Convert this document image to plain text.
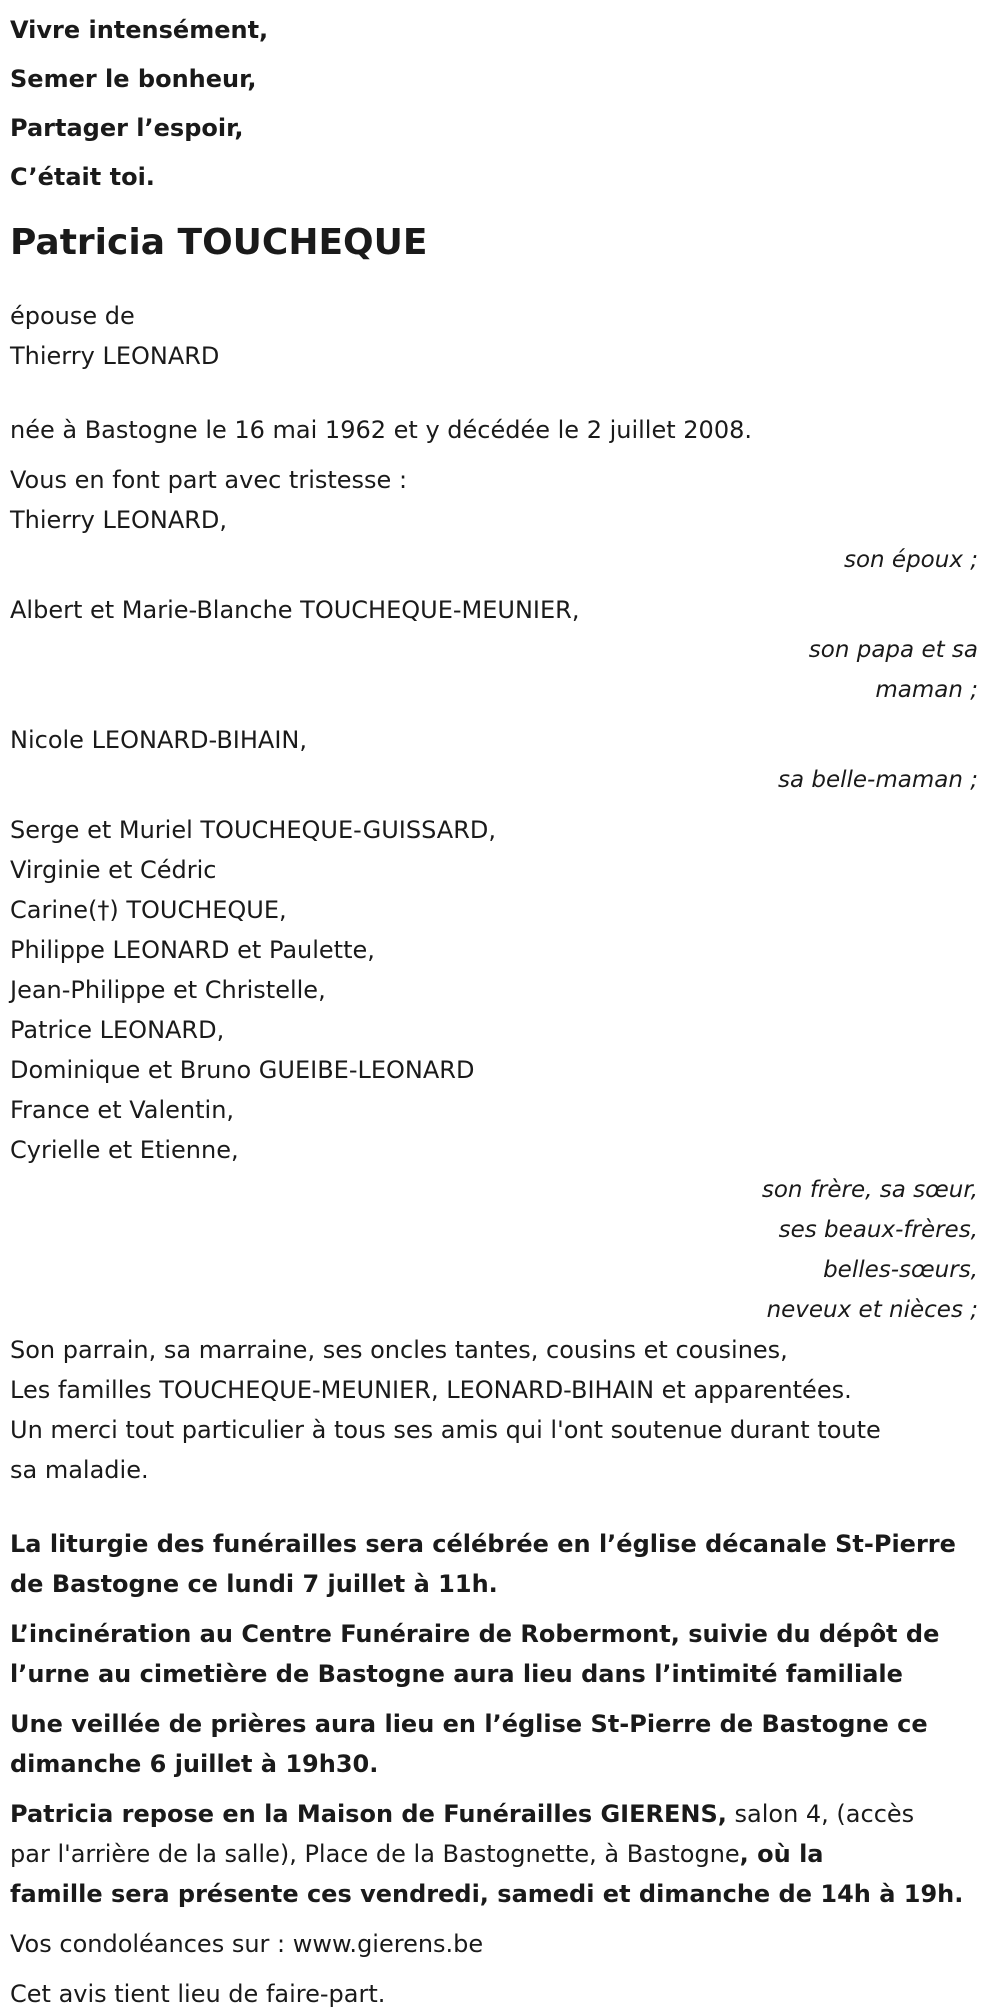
Vivre intensément,
Semer le bonheur,
Partager l’espoir,
C’était toi.
Patricia TOUCHEQUE
épouse de
Thierry LEONARD
née à Bastogne le 16 mai 1962 et y décédée le 2 juillet 2008.
Vous en font part avec tristesse :
Thierry LEONARD,
son époux ;
Albert et Marie-Blanche TOUCHEQUE-MEUNIER,
son papa et sa
maman ;
Nicole LEONARD-BIHAIN,
sa belle-maman ;
Serge et Muriel TOUCHEQUE-GUISSARD,
Virginie et Cédric
Carine(†) TOUCHEQUE,
Philippe LEONARD et Paulette,
Jean-Philippe et Christelle,
Patrice LEONARD,
Dominique et Bruno GUEIBE-LEONARD
France et Valentin,
Cyrielle et Etienne,
son frère, sa sœur,
ses beaux-frères,
belles-sœurs,
neveux et nièces ;
Son parrain, sa marraine, ses oncles tantes, cousins et cousines,
Les familles TOUCHEQUE-MEUNIER, LEONARD-BIHAIN et apparentées.
Un merci tout particulier à tous ses amis qui l'ont soutenue durant toute
sa maladie.
La liturgie des funérailles sera célébrée en l’église décanale St-Pierre
de Bastogne ce lundi 7 juillet à 11h.
L’incinération au Centre Funéraire de Robermont, suivie du dépôt de
l’urne au cimetière de Bastogne aura lieu dans l’intimité familiale
Une veillée de prières aura lieu en l’église St-Pierre de Bastogne ce
dimanche 6 juillet à 19h30.
Patricia repose en la Maison de Funérailles GIERENS, salon 4, (accès
par l'arrière de la salle), Place de la Bastognette, à Bastogne, où la
famille sera présente ces vendredi, samedi et dimanche de 14h à 19h.
Vos condoléances sur : www.gierens.be
Cet avis tient lieu de faire-part.
